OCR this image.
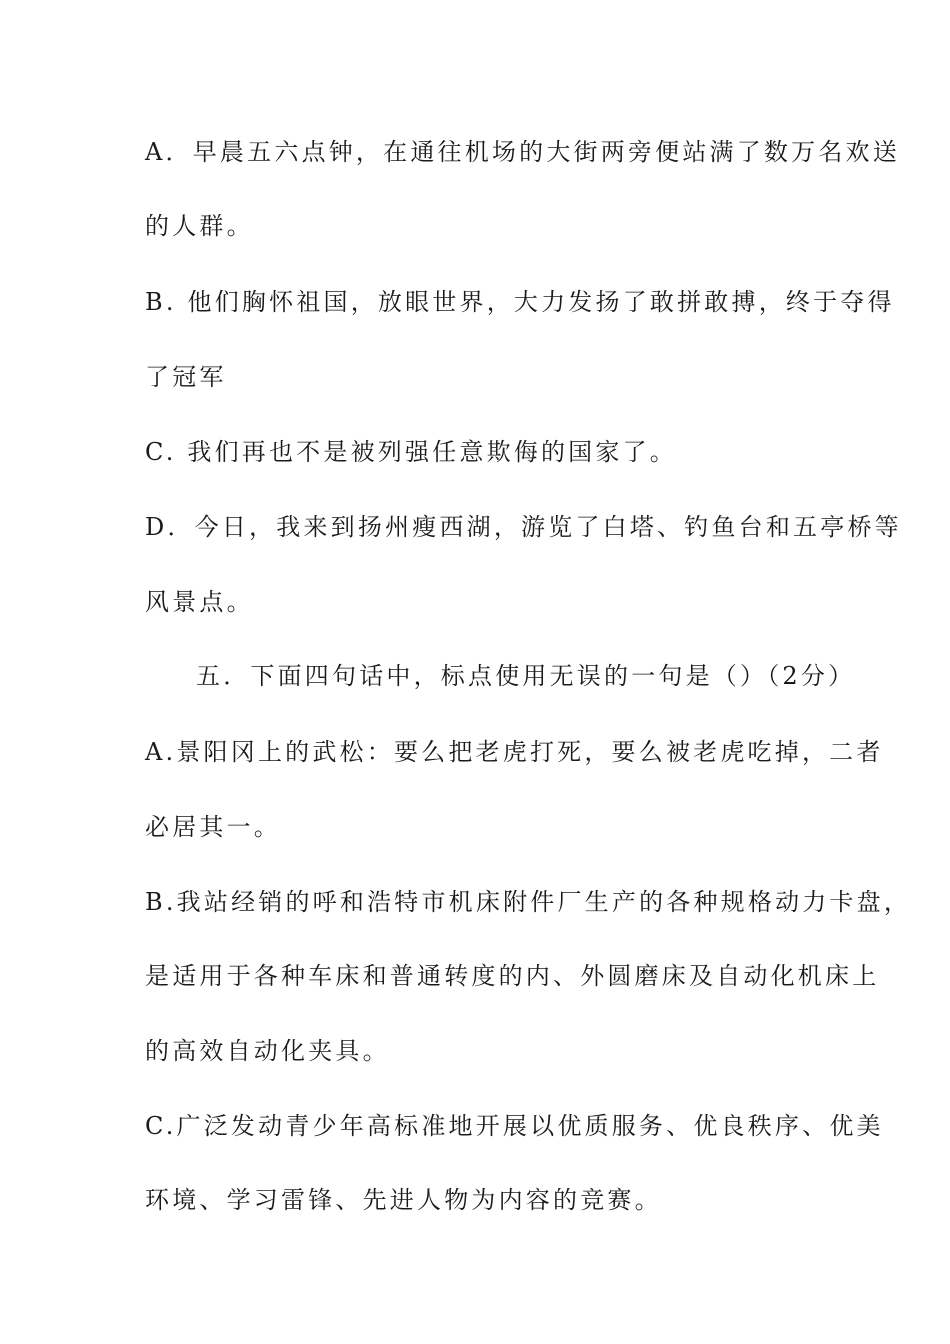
A．早晨五六点钟，在通往机场的大街两旁便站满了数万名欢送
的人群。
B. 他们胸怀祖国，放眼世界，大力发扬了敢拼敢搏，终于夺得
了冠军
C. 我们再也不是被列强任意欺侮的国家了。
D．今日，我来到扬州瘦西湖，游览了白塔、钓鱼台和五亭桥等
风景点。
五．下面四句话中，标点使用无误的一句是（）（2分）
A.景阳冈上的武松：要么把老虎打死，要么被老虎吃掉，二者
必居其一。
B.我站经销的呼和浩特市机床附件厂生产的各种规格动力卡盘，
是适用于各种车床和普通转度的内、外圆磨床及自动化机床上
的高效自动化夹具。
C.广泛发动青少年高标准地开展以优质服务、优良秩序、优美
环境、学习雷锋、先进人物为内容的竞赛。
